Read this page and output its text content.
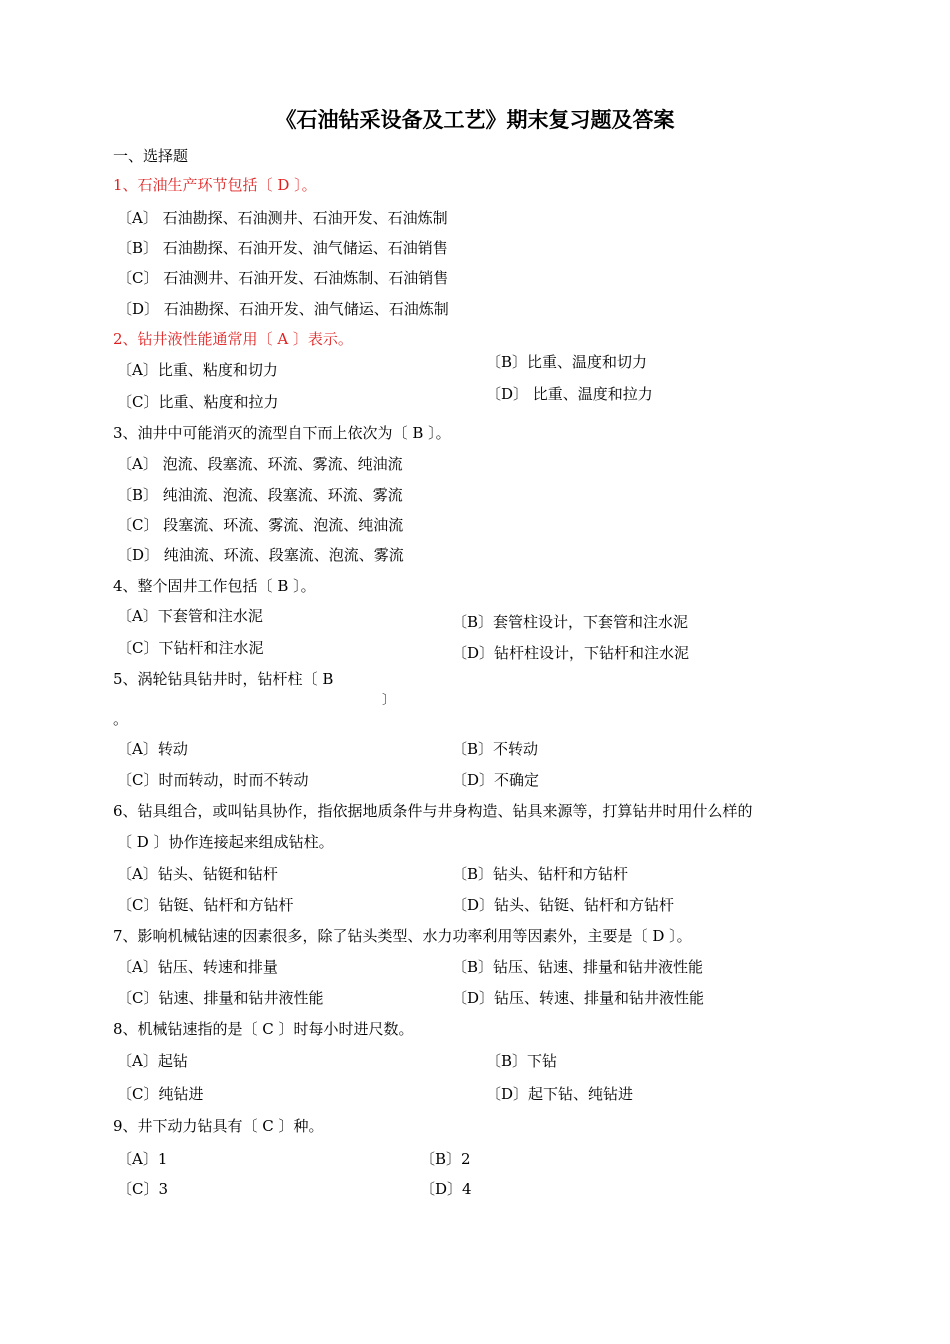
《石油钻采设备及工艺》期末复习题及答案
一、选择题
1、石油生产环节包括〔 D 〕。
〔A〕 石油勘探、石油测井、石油开发、石油炼制
〔B〕 石油勘探、石油开发、油气储运、石油销售
〔C〕 石油测井、石油开发、石油炼制、石油销售
〔D〕 石油勘探、石油开发、油气储运、石油炼制
2、钻井液性能通常用〔 A 〕表示。
〔A〕比重、粘度和切力	〔B〕比重、温度和切力
〔C〕比重、粘度和拉力	〔D〕 比重、温度和拉力
3、油井中可能消灭的流型自下而上依次为〔 B 〕。
〔A〕 泡流、段塞流、环流、雾流、纯油流
〔B〕 纯油流、泡流、段塞流、环流、雾流
〔C〕 段塞流、环流、雾流、泡流、纯油流
〔D〕 纯油流、环流、段塞流、泡流、雾流
4、整个固井工作包括〔 B 〕。
〔A〕下套管和注水泥	〔B〕套管柱设计，下套管和注水泥
〔C〕下钻杆和注水泥	〔D〕钻杆柱设计，下钻杆和注水泥
5、涡轮钻具钻井时，钻杆柱〔 B
〕
。
〔A〕转动	〔B〕不转动
〔C〕时而转动，时而不转动	〔D〕不确定
6、钻具组合，或叫钻具协作，指依据地质条件与井身构造、钻具来源等，打算钻井时用什么样的
〔 D 〕协作连接起来组成钻柱。
〔A〕钻头、钻铤和钻杆	〔B〕钻头、钻杆和方钻杆
〔C〕钻铤、钻杆和方钻杆	〔D〕钻头、钻铤、钻杆和方钻杆
7、影响机械钻速的因素很多，除了钻头类型、水力功率利用等因素外，主要是〔 D 〕。
〔A〕钻压、转速和排量	〔B〕钻压、钻速、排量和钻井液性能
〔C〕钻速、排量和钻井液性能	〔D〕钻压、转速、排量和钻井液性能
8、机械钻速指的是〔 C 〕时每小时进尺数。
〔A〕起钻	〔B〕下钻
〔C〕纯钻进	〔D〕起下钻、纯钻进
9、井下动力钻具有〔 C 〕种。
〔A〕1	〔B〕2
〔C〕3	〔D〕4
